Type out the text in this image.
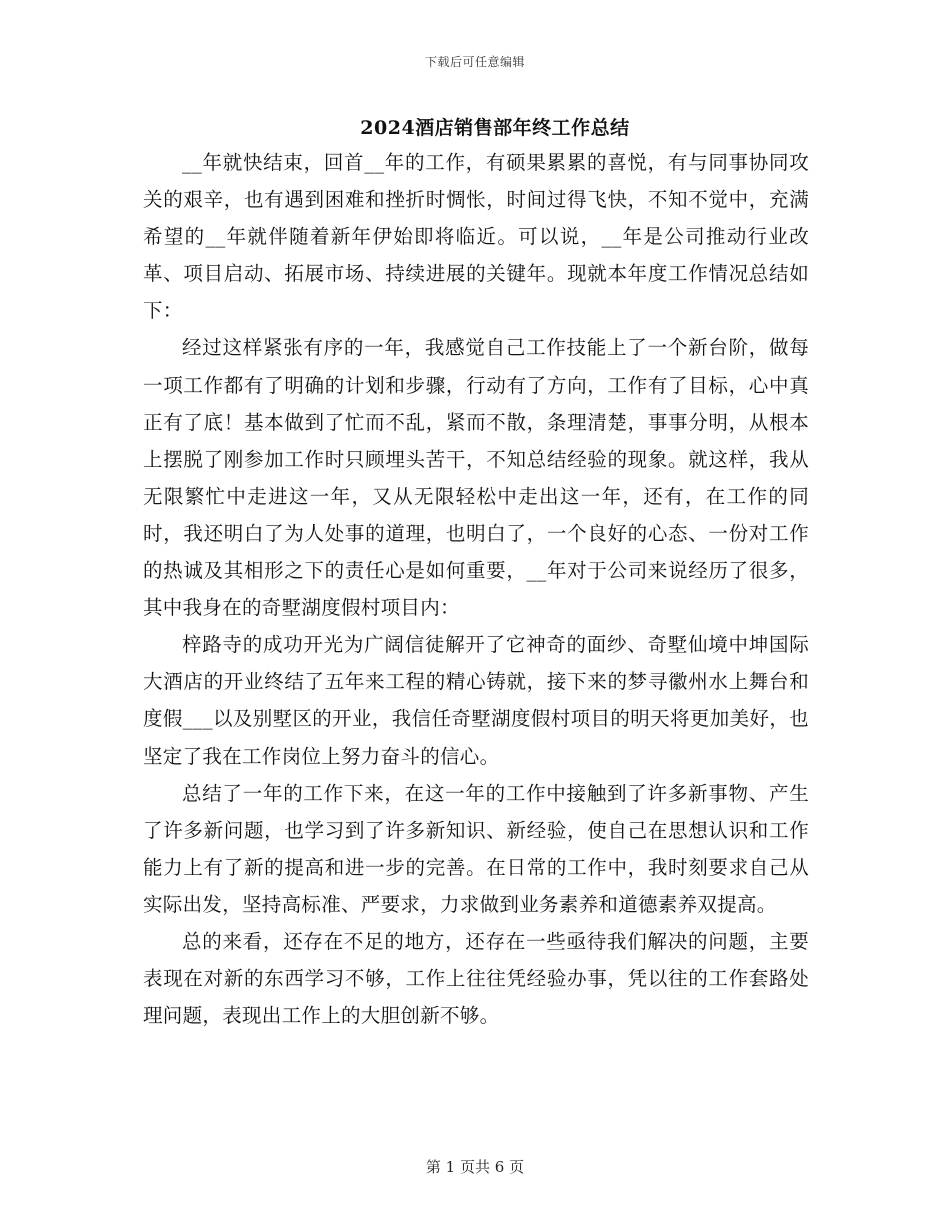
下载后可任意编辑
2024酒店销售部年终工作总结

__年就快结束，回首__年的工作，有硕果累累的喜悦，有与同事协同攻关的艰辛，也有遇到困难和挫折时惆怅，时间过得飞快，不知不觉中，充满希望的__年就伴随着新年伊始即将临近。可以说，__年是公司推动行业改革、项目启动、拓展市场、持续进展的关键年。现就本年度工作情况总结如下：

经过这样紧张有序的一年，我感觉自己工作技能上了一个新台阶，做每一项工作都有了明确的计划和步骤，行动有了方向，工作有了目标，心中真正有了底！基本做到了忙而不乱，紧而不散，条理清楚，事事分明，从根本上摆脱了刚参加工作时只顾埋头苦干，不知总结经验的现象。就这样，我从无限繁忙中走进这一年，又从无限轻松中走出这一年，还有，在工作的同时，我还明白了为人处事的道理，也明白了，一个良好的心态、一份对工作的热诚及其相形之下的责任心是如何重要，__年对于公司来说经历了很多，其中我身在的奇墅湖度假村项目内：

梓路寺的成功开光为广阔信徒解开了它神奇的面纱、奇墅仙境中坤国际大酒店的开业终结了五年来工程的精心铸就，接下来的梦寻徽州水上舞台和度假___以及别墅区的开业，我信任奇墅湖度假村项目的明天将更加美好，也坚定了我在工作岗位上努力奋斗的信心。

总结了一年的工作下来，在这一年的工作中接触到了许多新事物、产生了许多新问题，也学习到了许多新知识、新经验，使自己在思想认识和工作能力上有了新的提高和进一步的完善。在日常的工作中，我时刻要求自己从实际出发，坚持高标准、严要求，力求做到业务素养和道德素养双提高。

总的来看，还存在不足的地方，还存在一些亟待我们解决的问题，主要表现在对新的东西学习不够，工作上往往凭经验办事，凭以往的工作套路处理问题，表现出工作上的大胆创新不够。

第 1 页共 6 页
